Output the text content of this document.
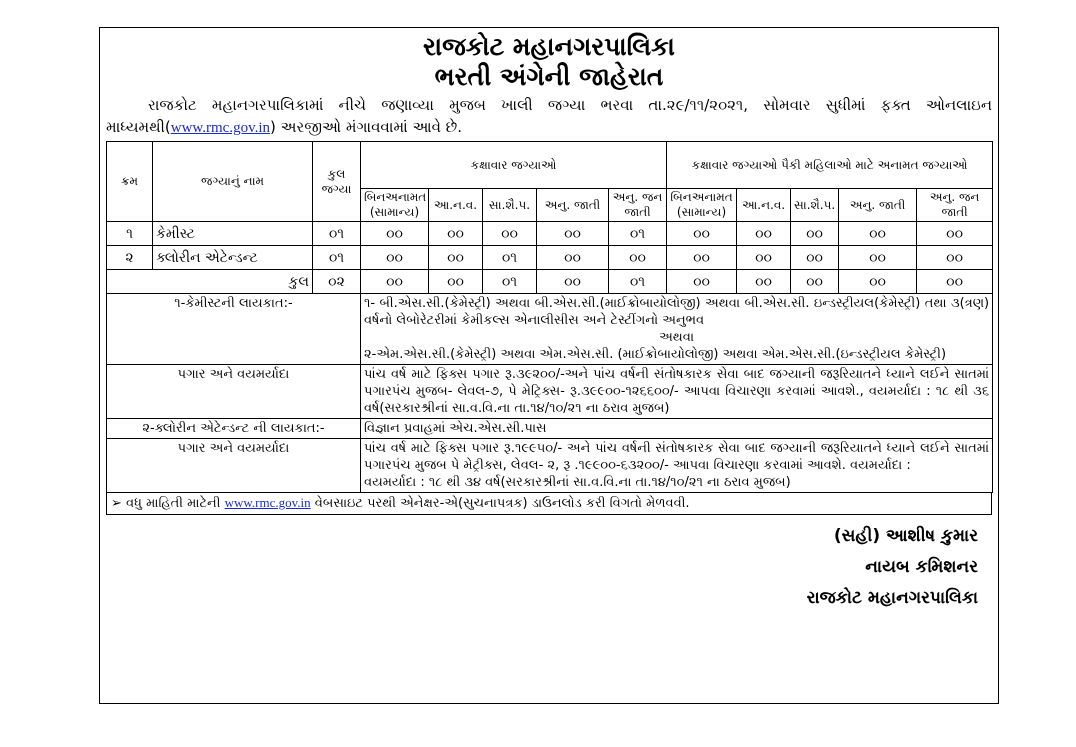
રાજકોટ મહાનગરપાલિકા
ભરતી અંગેની જાહેરાત
રાજકોટ મહાનગરપાલિકામાં નીચે જણાવ્યા મુજબ ખાલી જગ્યા ભરવા તા.૨૯/૧૧/૨૦૨૧, સોમવાર સુધીમાં ફક્ત ઓનલાઇન માધ્યમથી(www.rmc.gov.in) અરજીઓ મંગાવવામાં આવે છે.
ક્રમ	જગ્યાનું નામ	કુલ જગ્યા	કક્ષાવાર જગ્યાઓ					કક્ષાવાર જગ્યાઓ પૈકી મહિલાઓ માટે અનામત જગ્યાઓ				
			બિનઅનામત (સામાન્ય)	આ.ન.વ.	સા.શૈ.પ.	અનુ. જાતી	અનુ. જન જાતી	બિનઅનામત (સામાન્ય)	આ.ન.વ.	સા.શૈ.પ.	અનુ. જાતી	અનુ. જન જાતી
૧	કેમીસ્ટ	૦૧	૦૦	૦૦	૦૦	૦૦	૦૧	૦૦	૦૦	૦૦	૦૦	૦૦
૨	ક્લોરીન એટેન્ડન્ટ	૦૧	૦૦	૦૦	૦૧	૦૦	૦૦	૦૦	૦૦	૦૦	૦૦	૦૦
કુલ		૦૨	૦૦	૦૦	૦૧	૦૦	૦૧	૦૦	૦૦	૦૦	૦૦	૦૦
૧-કેમીસ્ટની લાયકાત:-			૧- બી.એસ.સી.(કેમેસ્ટ્રી) અથવા બી.એસ.સી.(માઈક્રોબાયોલોજી) અથવા બી.એસ.સી. ઇન્ડસ્ટ્રીયલ(કેમેસ્ટ્રી) તથા ૩(ત્રણ) વર્ષનો લેબોરેટરીમાં કેમીકલ્સ એનાલીસીસ અને ટેસ્ટીંગનો અનુભવ
અથવા
૨-એમ.એસ.સી.(કેમેસ્ટ્રી) અથવા એમ.એસ.સી. (માઈક્રોબાયોલોજી) અથવા એમ.એસ.સી.(ઇન્ડસ્ટ્રીયલ કેમેસ્ટ્રી)									

પગાર અને વયમર્યાદા			પાંચ વર્ષ માટે ફિક્સ પગાર રૂ.૩૯૨૦૦/-અને પાંચ વર્ષની સંતોષકારક સેવા બાદ જગ્યાની જરૂરિયાતને ધ્યાને લઈને સાતમાં પગારપંચ મુજબ- લેવલ-૭, પે મેટ્રિક્સ- રૂ.૩૯૯૦૦-૧૨૬૬૦૦/- આપવા વિચારણા કરવામાં આવશે., વયમર્યાદા : ૧૮ થી ૩૬ વર્ષ(સરકારશ્રીનાં સા.વ.વિ.ના તા.૧૪/૧૦/૨૧ ના ઠરાવ મુજબ)									
૨-ક્લોરીન એટેન્ડન્ટ ની લાયકાત:-			વિજ્ઞાન પ્રવાહમાં એચ.એસ.સી.પાસ									
પગાર અને વયમર્યાદા			પાંચ વર્ષ માટે ફિક્સ પગાર રૂ.૧૯૯૫૦/- અને પાંચ વર્ષની સંતોષકારક સેવા બાદ જગ્યાની જરૂરિયાતને ધ્યાને લઈને સાતમાં પગારપંચ મુજબ પે મેટ્રીક્સ, લેવલ- ૨, રૂ .૧૯૯૦૦-૬૩૨૦૦/- આપવા વિચારણા કરવામાં આવશે. વયમર્યાદા :
વયમર્યાદા : ૧૮ થી ૩૪ વર્ષ(સરકારશ્રીનાં સા.વ.વિ.ના તા.૧૪/૧૦/૨૧ ના ઠરાવ મુજબ)									
➢ વધુ માહિતી માટેની www.rmc.gov.in વેબસાઇટ પરથી એનેક્ષર-એ(સુચનાપત્રક) ડાઉનલોડ કરી વિગતો મેળવવી.
(સહી) આશીષ કુમાર
નાયબ કમિશનર
રાજકોટ મહાનગરપાલિકા
